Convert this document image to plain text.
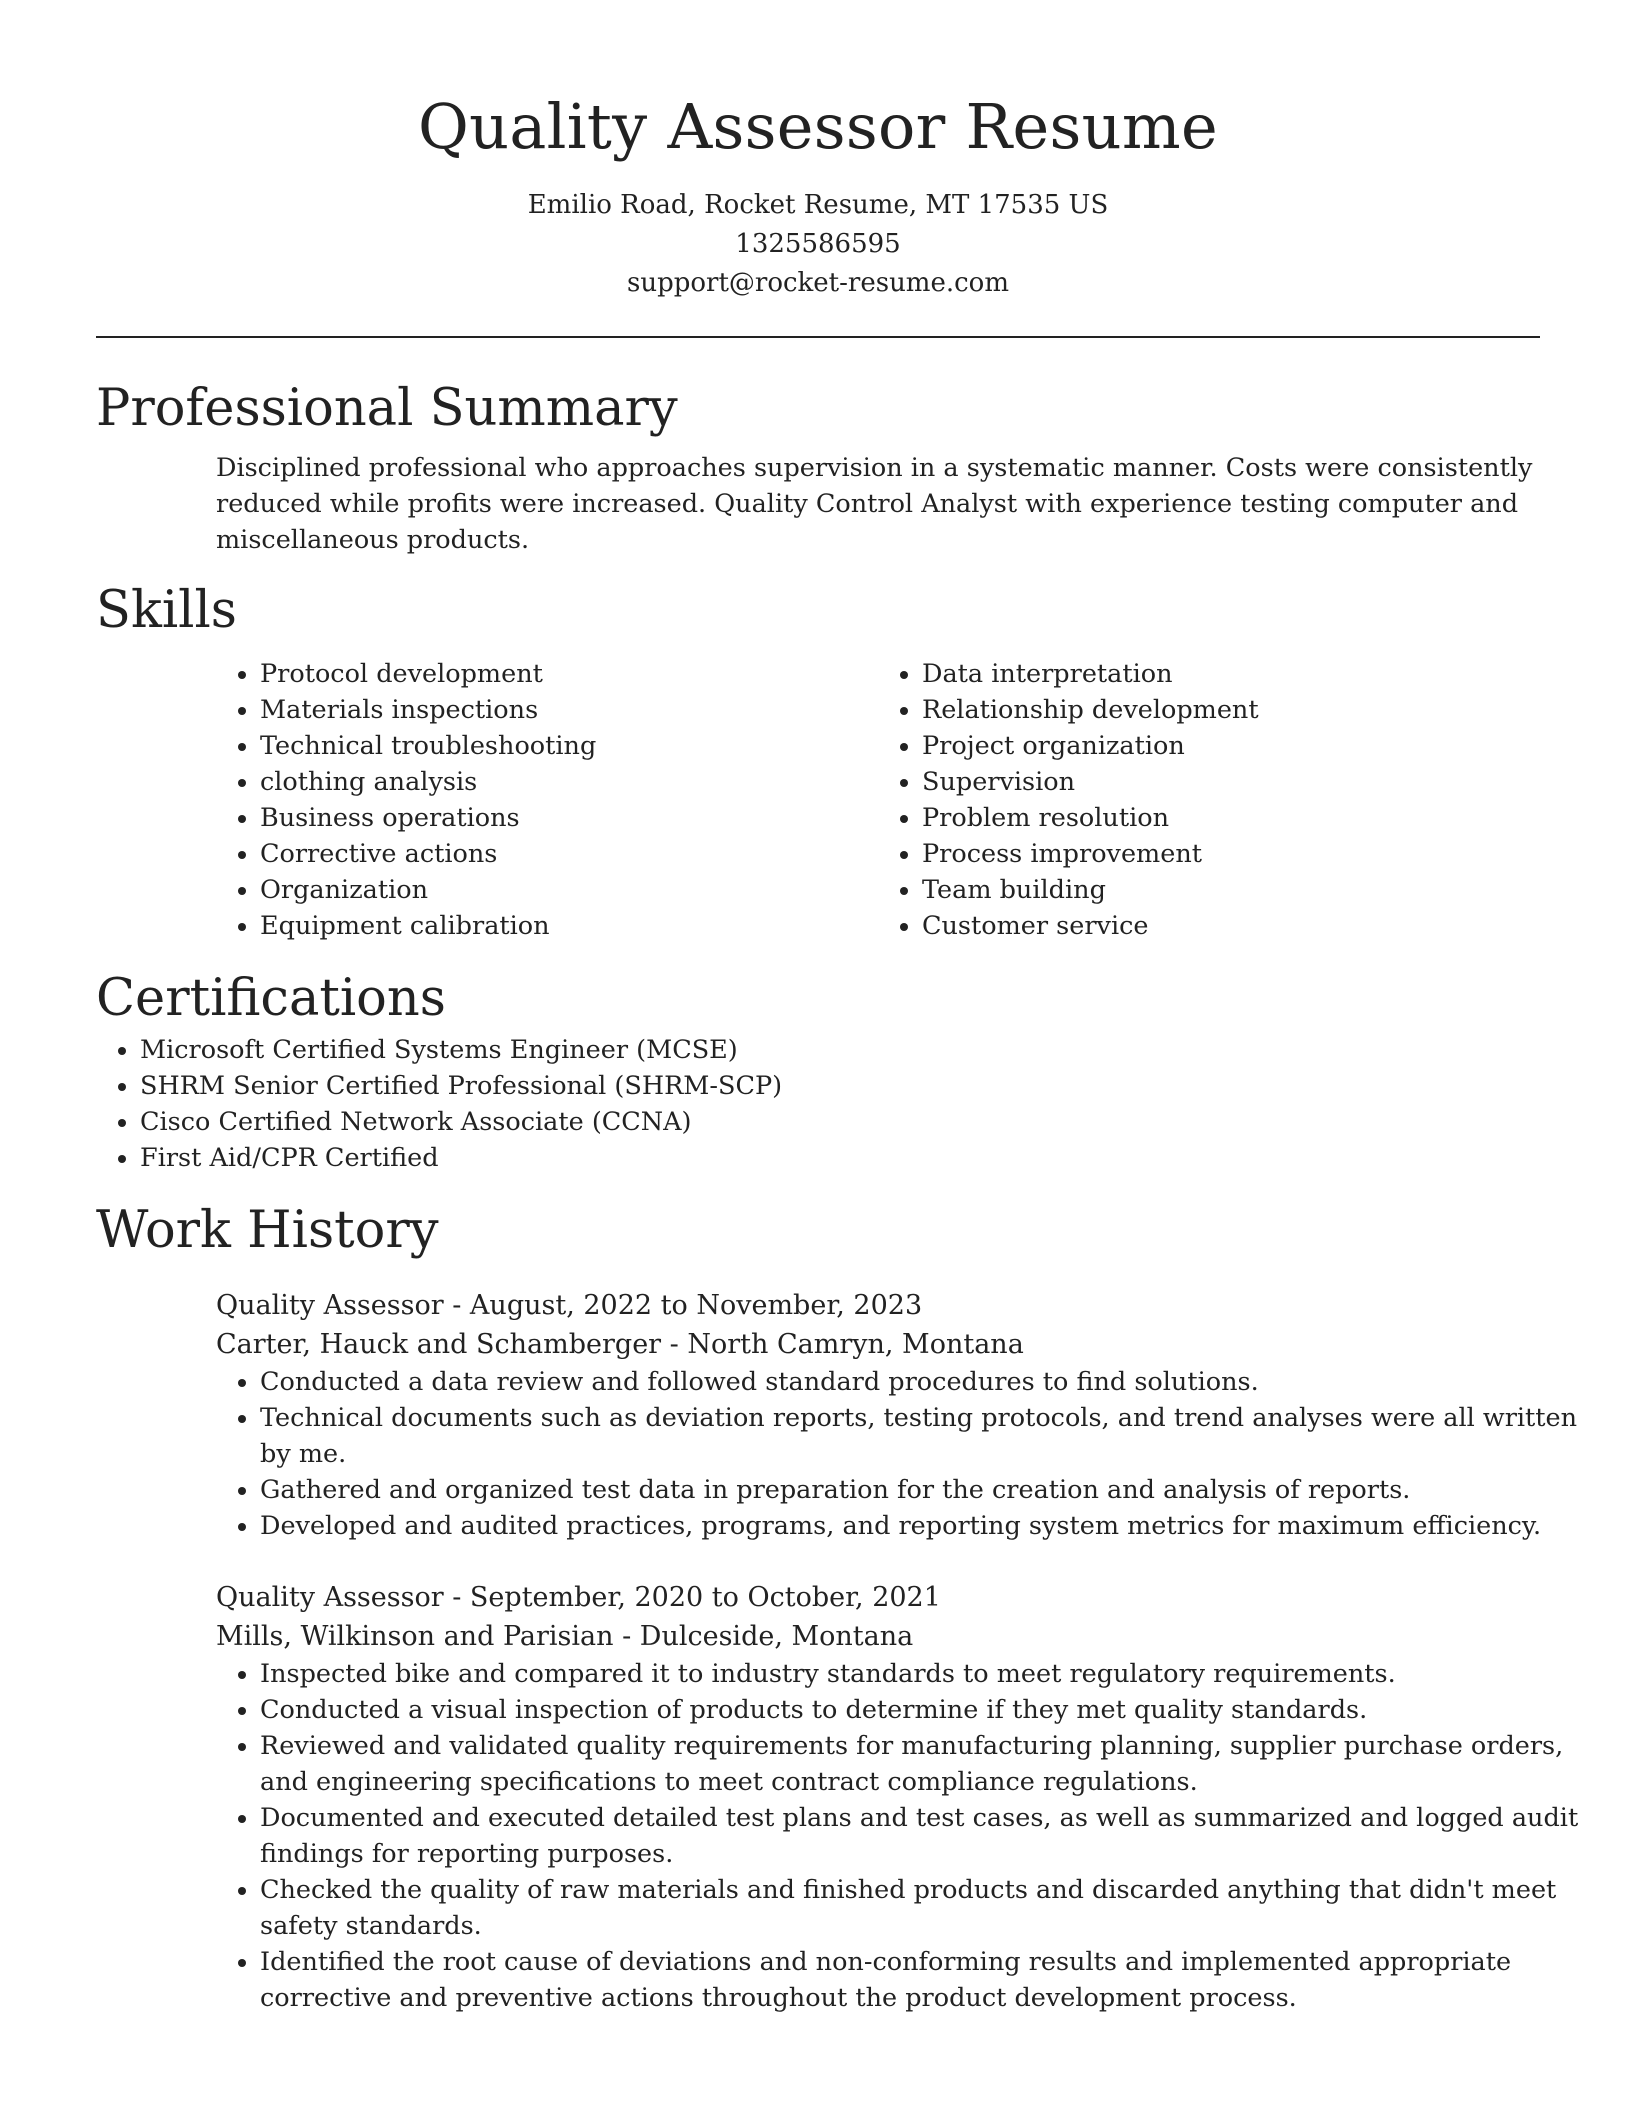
Quality Assessor Resume
Emilio Road, Rocket Resume, MT 17535 US
1325586595
support@rocket-resume.com
Professional Summary

Disciplined professional who approaches supervision in a systematic manner. Costs were consistently reduced while profits were increased. Quality Control Analyst with experience testing computer and miscellaneous products.

Skills
• Protocol development
• Materials inspections
• Technical troubleshooting
• clothing analysis
• Business operations
• Corrective actions
• Organization
• Equipment calibration
• Data interpretation
• Relationship development
• Project organization
• Supervision
• Problem resolution
• Process improvement
• Team building
• Customer service
Certifications
• Microsoft Certified Systems Engineer (MCSE)
• SHRM Senior Certified Professional (SHRM-SCP)
• Cisco Certified Network Associate (CCNA)
• First Aid/CPR Certified
Work History
Quality Assessor - August, 2022 to November, 2023
Carter, Hauck and Schamberger - North Camryn, Montana
• Conducted a data review and followed standard procedures to find solutions.
• Technical documents such as deviation reports, testing protocols, and trend analyses were all written by me.
• Gathered and organized test data in preparation for the creation and analysis of reports.
• Developed and audited practices, programs, and reporting system metrics for maximum efficiency.
Quality Assessor - September, 2020 to October, 2021
Mills, Wilkinson and Parisian - Dulceside, Montana
• Inspected bike and compared it to industry standards to meet regulatory requirements.
• Conducted a visual inspection of products to determine if they met quality standards.
• Reviewed and validated quality requirements for manufacturing planning, supplier purchase orders, and engineering specifications to meet contract compliance regulations.
• Documented and executed detailed test plans and test cases, as well as summarized and logged audit findings for reporting purposes.
• Checked the quality of raw materials and finished products and discarded anything that didn't meet safety standards.
• Identified the root cause of deviations and non-conforming results and implemented appropriate corrective and preventive actions throughout the product development process.
